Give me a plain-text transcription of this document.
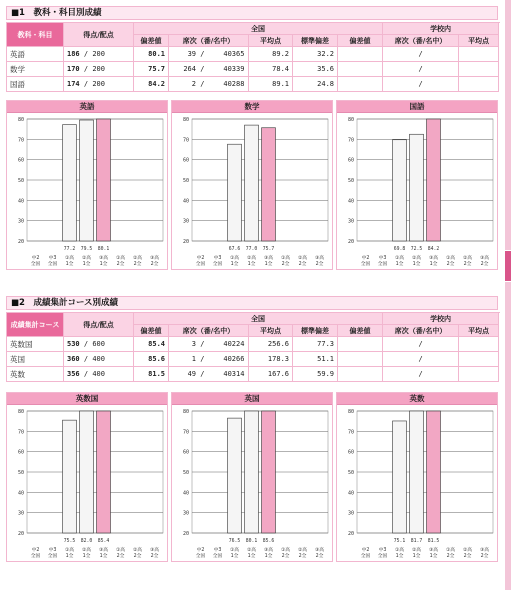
■1　教科・科目別成績
教科・科目	得点/配点	全国					学校内	
		偏差値	席次（番/名中）	平均点	標準偏差	偏差値	席次（番/名中）	平均点
英語	186 / 200	80.1	39 / 40365	89.2	32.2		/	
数学	170 / 200	75.7	264 / 40339	78.4	35.6		/	
国語	174 / 200	84.2	2 / 40288	89.1	24.8		/	
英語
20
30
40
50
60
70
80
77.2 79.5 80.1
中2
全国
中3
全国
①高
1全
②高
1全
③高
1全
①高
2全
②高
2全
③高
2全
数学
20
30
40
50
60
70
80
67.6 77.0 75.7
中2
全国
中3
全国
①高
1全
②高
1全
③高
1全
①高
2全
②高
2全
③高
2全
国語
20
30
40
50
60
70
80
69.8 72.5 84.2
中2
全国
中3
全国
①高
1全
②高
1全
③高
1全
①高
2全
②高
2全
③高
2全
■2　成績集計コース別成績
成績集計コース	得点/配点	全国					学校内	
		偏差値	席次（番/名中）	平均点	標準偏差	偏差値	席次（番/名中）	平均点
英数国	530 / 600	85.4	3 / 40224	256.6	77.3		/	
英国	360 / 400	85.6	1 / 40266	178.3	51.1		/	
英数	356 / 400	81.5	49 / 40314	167.6	59.9		/	
英数国
20
30
40
50
60
70
80
75.5 82.0 85.4
中2
全国
中3
全国
①高
1全
②高
1全
③高
1全
①高
2全
②高
2全
③高
2全
英国
20
30
40
50
60
70
80
76.5 80.1 85.6
中2
全国
中3
全国
①高
1全
②高
1全
③高
1全
①高
2全
②高
2全
③高
2全
英数
20
30
40
50
60
70
80
75.1 81.7 81.5
中2
全国
中3
全国
①高
1全
②高
1全
③高
1全
①高
2全
②高
2全
③高
2全
